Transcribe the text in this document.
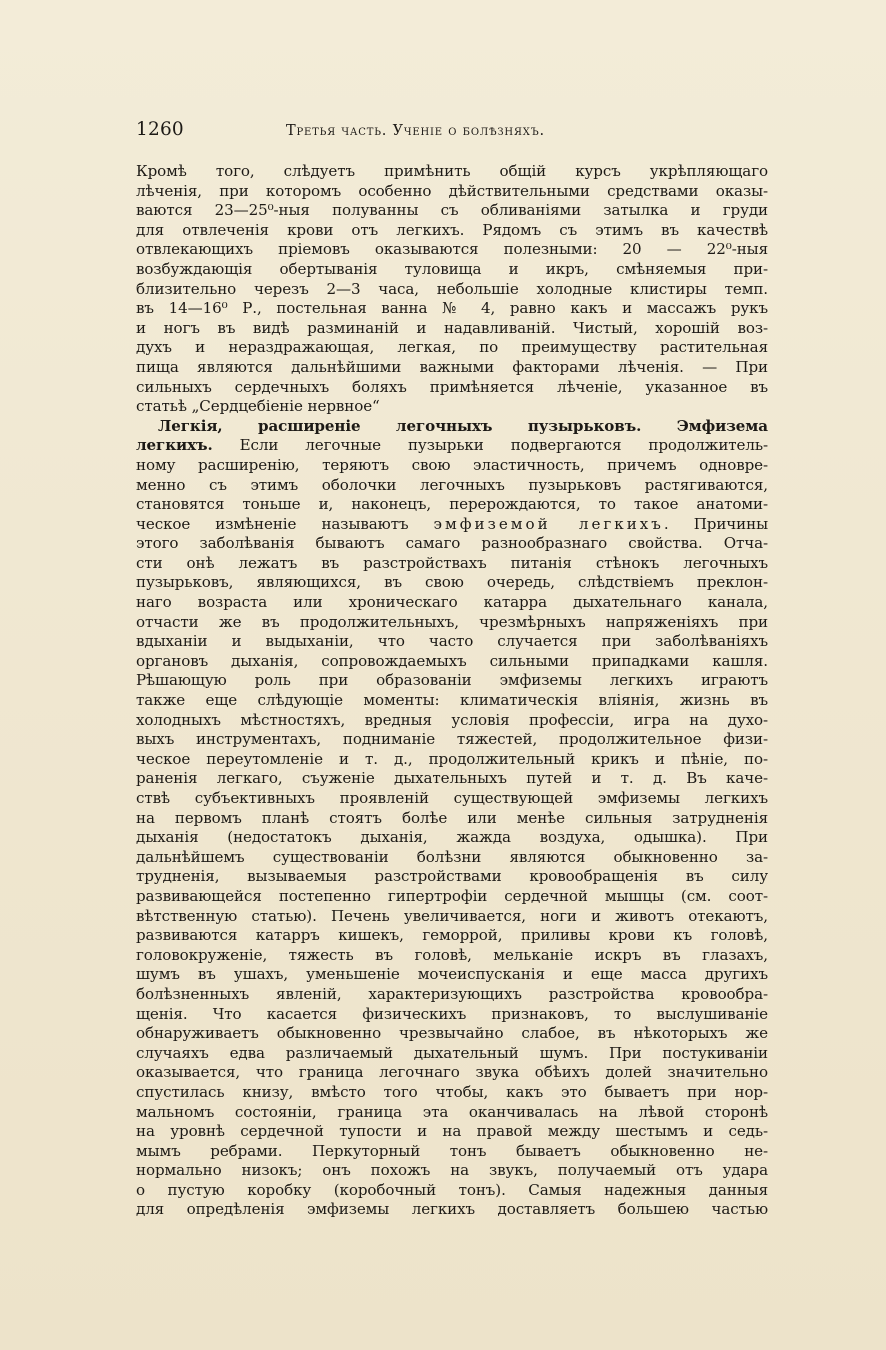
1260	Третья часть. Ученіе о болѣзняхъ.
Кромѣ того, слѣдуетъ примѣнить общій курсъ укрѣпляющаго
лѣченія, при которомъ особенно дѣйствительными средствами оказы-
ваются 23—25⁰-ныя полуванны съ обливаніями затылка и груди
для отвлеченія крови отъ легкихъ. Рядомъ съ этимъ въ качествѣ
отвлекающихъ пріемовъ оказываются полезными: 20 — 22⁰-ныя
возбуждающія обертыванія туловища и икръ, смѣняемыя при-
близительно черезъ 2—3 часа, небольшіе холодные клистиры темп.
въ 14—16⁰ Р., постельная ванна № 4, равно какъ и массажъ рукъ
и ногъ въ видѣ разминаній и надавливаній. Чистый, хорошій воз-
духъ и нераздражающая, легкая, по преимуществу растительная
пища являются дальнѣйшими важными факторами лѣченія. — При
сильныхъ сердечныхъ боляхъ примѣняется лѣченіе, указанное въ
статьѣ „Сердцебіеніе нервное“
Легкія, расширеніе легочныхъ пузырьковъ. Эмфизема
легкихъ. Если легочные пузырьки подвергаются продолжитель-
ному расширенію, теряютъ свою эластичность, причемъ одновре-
менно съ этимъ оболочки легочныхъ пузырьковъ растягиваются,
становятся тоньше и, наконецъ, перерождаются, то такое анатоми-
ческое измѣненіе называютъ эмфиземой легкихъ. Причины
этого заболѣванія бываютъ самаго разнообразнаго свойства. Отча-
сти онѣ лежатъ въ разстройствахъ питанія стѣнокъ легочныхъ
пузырьковъ, являющихся, въ свою очередь, слѣдствіемъ преклон-
наго возраста или хроническаго катарра дыхательнаго канала,
отчасти же въ продолжительныхъ, чрезмѣрныхъ напряженіяхъ при
вдыханіи и выдыханіи, что часто случается при заболѣваніяхъ
органовъ дыханія, сопровождаемыхъ сильными припадками кашля.
Рѣшающую роль при образованіи эмфиземы легкихъ играютъ
также еще слѣдующіе моменты: климатическія вліянія, жизнь въ
холодныхъ мѣстностяхъ, вредныя условія профессіи, игра на духо-
выхъ инструментахъ, подниманіе тяжестей, продолжительное физи-
ческое переутомленіе и т. д., продолжительный крикъ и пѣніе, по-
раненія легкаго, съуженіе дыхательныхъ путей и т. д. Въ каче-
ствѣ субъективныхъ проявленій существующей эмфиземы легкихъ
на первомъ планѣ стоятъ болѣе или менѣе сильныя затрудненія
дыханія (недостатокъ дыханія, жажда воздуха, одышка). При
дальнѣйшемъ существованіи болѣзни являются обыкновенно за-
трудненія, вызываемыя разстройствами кровообращенія въ силу
развивающейся постепенно гипертрофіи сердечной мышцы (см. соот-
вѣтственную статью). Печень увеличивается, ноги и животъ отекаютъ,
развиваются катарръ кишекъ, геморрой, приливы крови къ головѣ,
головокруженіе, тяжесть въ головѣ, мельканіе искръ въ глазахъ,
шумъ въ ушахъ, уменьшеніе мочеиспусканія и еще масса другихъ
болѣзненныхъ явленій, характеризующихъ разстройства кровообра-
щенія. Что касается физическихъ признаковъ, то выслушиваніе
обнаруживаетъ обыкновенно чрезвычайно слабое, въ нѣкоторыхъ же
случаяхъ едва различаемый дыхательный шумъ. При постукиваніи
оказывается, что граница легочнаго звука обѣихъ долей значительно
спустилась книзу, вмѣсто того чтобы, какъ это бываетъ при нор-
мальномъ состояніи, граница эта оканчивалась на лѣвой сторонѣ
на уровнѣ сердечной тупости и на правой между шестымъ и седь-
мымъ ребрами. Перкуторный тонъ бываетъ обыкновенно не-
нормально низокъ; онъ похожъ на звукъ, получаемый отъ удара
о пустую коробку (коробочный тонъ). Самыя надежныя данныя
для опредѣленія эмфиземы легкихъ доставляетъ большею частью
